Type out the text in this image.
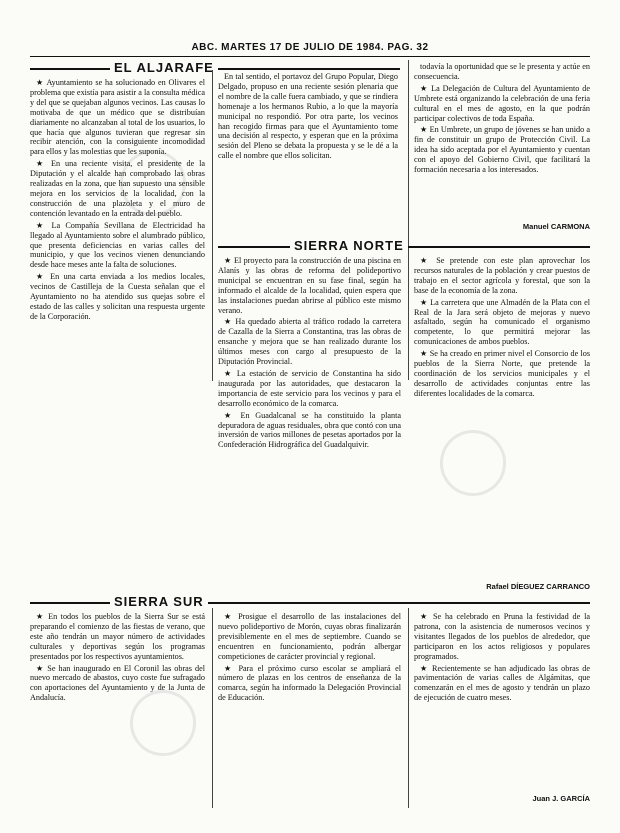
ABC. MARTES 17 DE JULIO DE 1984. PAG. 32
EL ALJARAFE

★ Ayuntamiento se ha solucionado en Olivares el problema que existía para asistir a la consulta médica y del que se quejaban algunos vecinos. Las causas lo motivaba de que un médico que se distribuían diariamente no alcanzaban al total de los usuarios, lo que hacía que algunos tuvieran que regresar sin recibir atención, con la consiguiente incomodidad para ellos y las molestias que les suponía.

★ En una reciente visita, el presidente de la Diputación y el alcalde han comprobado las obras realizadas en la zona, que han supuesto una sensible mejora en los servicios de la localidad, con la construcción de una plazoleta y el muro de contención levantado en la entrada del pueblo.

★ La Compañía Sevillana de Electricidad ha llegado al Ayuntamiento sobre el alumbrado público, que presenta deficiencias en varias calles del municipio, y que los vecinos vienen denunciando desde hace meses ante la falta de soluciones.

★ En una carta enviada a los medios locales, vecinos de Castilleja de la Cuesta señalan que el Ayuntamiento no ha atendido sus quejas sobre el estado de las calles y solicitan una respuesta urgente de la Corporación.

En tal sentido, el portavoz del Grupo Popular, Diego Delgado, propuso en una reciente sesión plenaria que el nombre de la calle fuera cambiado, y que se rindiera homenaje a los hermanos Rubio, a lo que la mayoría municipal no respondió. Por otra parte, los vecinos han recogido firmas para que el Ayuntamiento tome una decisión al respecto, y esperan que en la próxima sesión del Pleno se debata la propuesta y se le dé a la calle el nombre que ellos solicitan.

todavía la oportunidad que se le presenta y actúe en consecuencia.

★ La Delegación de Cultura del Ayuntamiento de Umbrete está organizando la celebración de una feria cultural en el mes de agosto, en la que podrán participar colectivos de toda España.

★ En Umbrete, un grupo de jóvenes se han unido a fin de constituir un grupo de Protección Civil. La idea ha sido aceptada por el Ayuntamiento y cuentan con el apoyo del Gobierno Civil, que facilitará la formación necesaria a los interesados.

Manuel CARMONA
SIERRA NORTE

★ El proyecto para la construcción de una piscina en Alanís y las obras de reforma del polideportivo municipal se encuentran en su fase final, según ha informado el alcalde de la localidad, quien espera que las instalaciones puedan abrirse al público este mismo verano.

★ Ha quedado abierta al tráfico rodado la carretera de Cazalla de la Sierra a Constantina, tras las obras de ensanche y mejora que se han realizado durante los últimos meses con cargo al presupuesto de la Diputación Provincial.

★ La estación de servicio de Constantina ha sido inaugurada por las autoridades, que destacaron la importancia de este servicio para los vecinos y para el desarrollo económico de la comarca.

★ En Guadalcanal se ha constituido la planta depuradora de aguas residuales, obra que contó con una inversión de varios millones de pesetas aportados por la Confederación Hidrográfica del Guadalquivir.

★ Se pretende con este plan aprovechar los recursos naturales de la población y crear puestos de trabajo en el sector agrícola y forestal, que son la base de la economía de la zona.

★ La carretera que une Almadén de la Plata con el Real de la Jara será objeto de mejoras y nuevo asfaltado, según ha comunicado el organismo competente, lo que permitirá mejorar las comunicaciones de ambos pueblos.

★ Se ha creado en primer nivel el Consorcio de los pueblos de la Sierra Norte, que pretende la coordinación de los servicios municipales y el desarrollo de actividades conjuntas entre las diferentes localidades de la comarca.

Rafael DÍEGUEZ CARRANCO
SIERRA SUR

★ En todos los pueblos de la Sierra Sur se está preparando el comienzo de las fiestas de verano, que este año tendrán un mayor número de actividades culturales y deportivas según los programas presentados por los respectivos ayuntamientos.

★ Se han inaugurado en El Coronil las obras del nuevo mercado de abastos, cuyo coste fue sufragado con aportaciones del Ayuntamiento y de la Junta de Andalucía.

★ Prosigue el desarrollo de las instalaciones del nuevo polideportivo de Morón, cuyas obras finalizarán previsiblemente en el mes de septiembre. Cuando se encuentren en funcionamiento, podrán albergar competiciones de carácter provincial y regional.

★ Para el próximo curso escolar se ampliará el número de plazas en los centros de enseñanza de la comarca, según ha informado la Delegación Provincial de Educación.

★ Se ha celebrado en Pruna la festividad de la patrona, con la asistencia de numerosos vecinos y visitantes llegados de los pueblos de alrededor, que participaron en los actos religiosos y populares programados.

★ Recientemente se han adjudicado las obras de pavimentación de varias calles de Algámitas, que comenzarán en el mes de agosto y tendrán un plazo de ejecución de cuatro meses.

Juan J. GARCÍA
